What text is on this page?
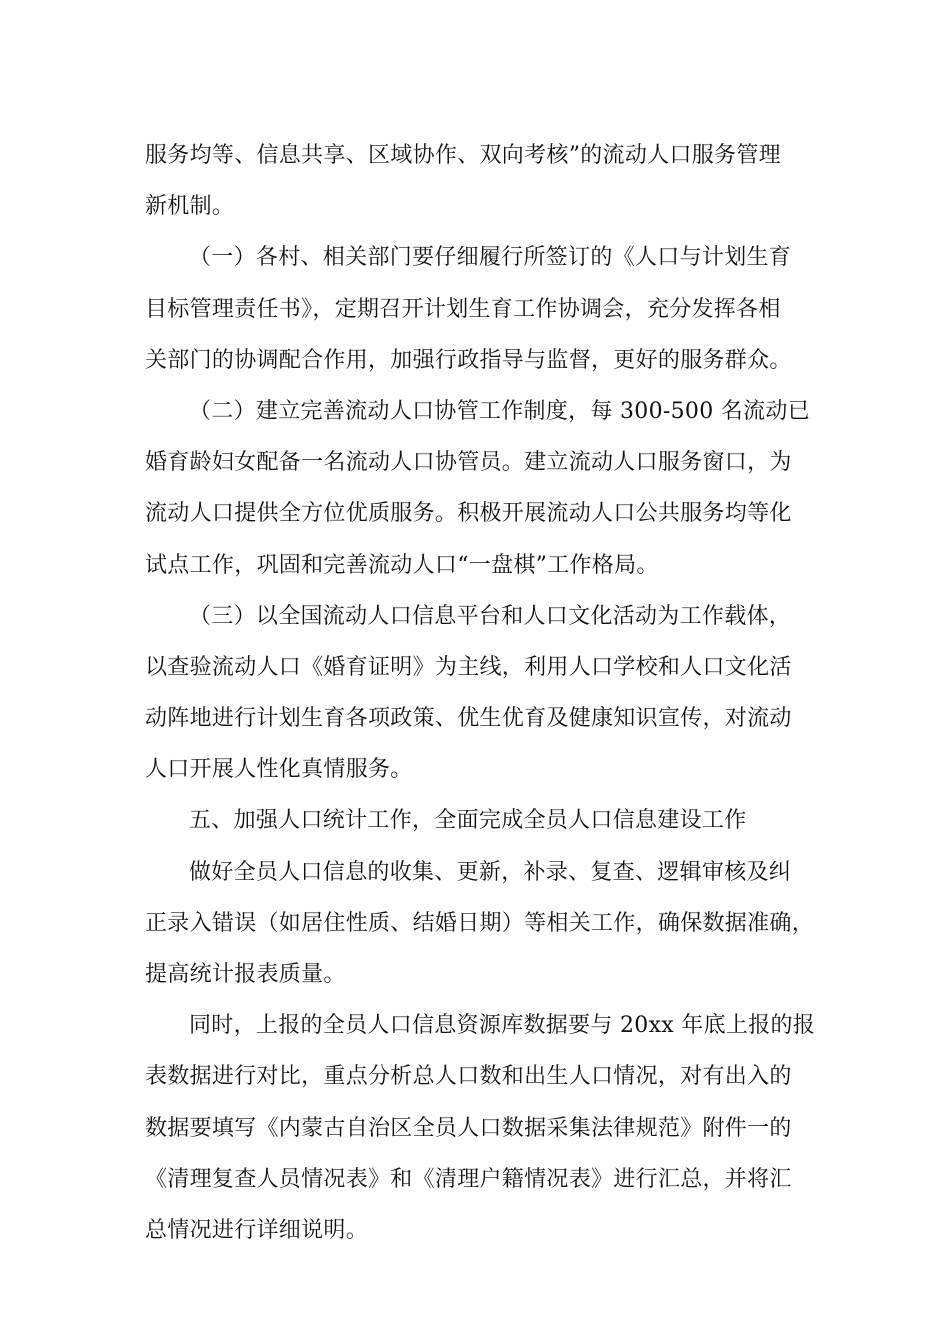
服务均等、信息共享、区域协作、双向考核”的流动人口服务管理
新机制。
（一）各村、相关部门要仔细履行所签订的《人口与计划生育
目标管理责任书》，定期召开计划生育工作协调会，充分发挥各相
关部门的协调配合作用，加强行政指导与监督，更好的服务群众。
（二）建立完善流动人口协管工作制度，每 300-500 名流动已
婚育龄妇女配备一名流动人口协管员。建立流动人口服务窗口，为
流动人口提供全方位优质服务。积极开展流动人口公共服务均等化
试点工作，巩固和完善流动人口“一盘棋”工作格局。
（三）以全国流动人口信息平台和人口文化活动为工作载体，
以查验流动人口《婚育证明》为主线，利用人口学校和人口文化活
动阵地进行计划生育各项政策、优生优育及健康知识宣传，对流动
人口开展人性化真情服务。
五、加强人口统计工作，全面完成全员人口信息建设工作
做好全员人口信息的收集、更新，补录、复查、逻辑审核及纠
正录入错误（如居住性质、结婚日期）等相关工作，确保数据准确，
提高统计报表质量。
同时，上报的全员人口信息资源库数据要与 20xx 年底上报的报
表数据进行对比，重点分析总人口数和出生人口情况，对有出入的
数据要填写《内蒙古自治区全员人口数据采集法律规范》附件一的
《清理复查人员情况表》和《清理户籍情况表》进行汇总，并将汇
总情况进行详细说明。
